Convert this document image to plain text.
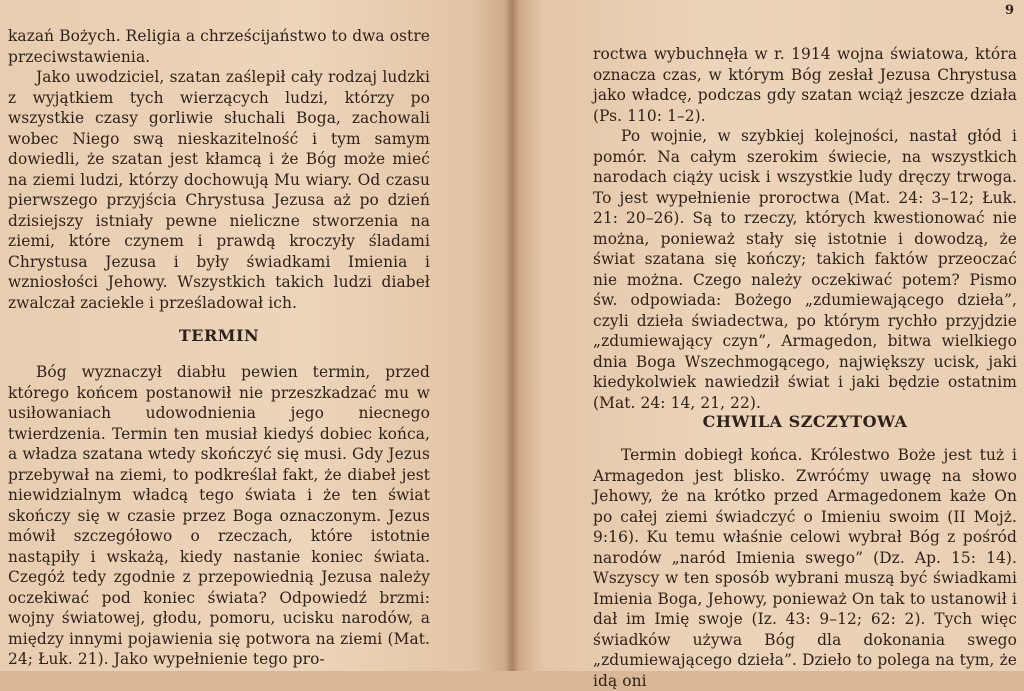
kazań Bożych. Religia a chrześcijaństwo to dwa ostre przeciwstawienia.

Jako uwodziciel, szatan zaślepił cały rodzaj ludzki z wyjątkiem tych wierzących ludzi, którzy po wszystkie czasy gorliwie słuchali Boga, zachowali wobec Niego swą nieskazitelność i tym samym dowiedli, że szatan jest kłamcą i że Bóg może mieć na ziemi ludzi, którzy dochowują Mu wiary. Od czasu pierwszego przyjścia Chrystusa Jezusa aż po dzień dzisiejszy istniały pewne nieliczne stworzenia na ziemi, które czynem i prawdą kroczyły śladami Chrystusa Jezusa i były świadkami Imienia i wzniosłości Jehowy. Wszystkich takich ludzi diabeł zwalczał zaciekle i prześladował ich.

TERMIN

Bóg wyznaczył diabłu pewien termin, przed którego końcem postanowił nie przeszkadzać mu w usiłowaniach udowodnienia jego niecnego twierdzenia. Termin ten musiał kiedyś dobiec końca, a władza szatana wtedy skończyć się musi. Gdy Jezus przebywał na ziemi, to podkreślał fakt, że diabeł jest niewidzialnym władcą tego świata i że ten świat skończy się w czasie przez Boga oznaczonym. Jezus mówił szczegółowo o rzeczach, które istotnie nastąpiły i wskażą, kiedy nastanie koniec świata. Czegóż tedy zgodnie z przepowiednią Jezusa należy oczekiwać pod koniec świata? Odpowiedź brzmi: wojny światowej, głodu, pomoru, ucisku narodów, a między innymi pojawienia się potwora na ziemi (Mat. 24; Łuk. 21). Jako wypełnienie tego pro-

9

roctwa wybuchnęła w r. 1914 wojna światowa, która oznacza czas, w którym Bóg zesłał Jezusa Chrystusa jako władcę, podczas gdy szatan wciąż jeszcze działa (Ps. 110: 1–2).

Po wojnie, w szybkiej kolejności, nastał głód i pomór. Na całym szerokim świecie, na wszystkich narodach ciąży ucisk i wszystkie ludy dręczy trwoga. To jest wypełnienie proroctwa (Mat. 24: 3–12; Łuk. 21: 20–26). Są to rzeczy, których kwestionować nie można, ponieważ stały się istotnie i dowodzą, że świat szatana się kończy; takich faktów przeoczać nie można. Czego należy oczekiwać potem? Pismo św. odpowiada: Bożego „zdumiewającego dzieła”, czyli dzieła świadectwa, po którym rychło przyjdzie „zdumiewający czyn”, Armagedon, bitwa wielkiego dnia Boga Wszechmogącego, największy ucisk, jaki kiedykolwiek nawiedził świat i jaki będzie ostatnim (Mat. 24: 14, 21, 22).

CHWILA SZCZYTOWA

Termin dobiegł końca. Królestwo Boże jest tuż i Armagedon jest blisko. Zwróćmy uwagę na słowo Jehowy, że na krótko przed Armagedonem każe On po całej ziemi świadczyć o Imieniu swoim (II Mojż. 9:16). Ku temu właśnie celowi wybrał Bóg z pośród narodów „naród Imienia swego” (Dz. Ap. 15: 14). Wszyscy w ten sposób wybrani muszą być świadkami Imienia Boga, Jehowy, ponieważ On tak to ustanowił i dał im Imię swoje (Iz. 43: 9–12; 62: 2). Tych więc świadków używa Bóg dla dokonania swego „zdumiewającego dzieła”. Dzieło to polega na tym, że idą oni
